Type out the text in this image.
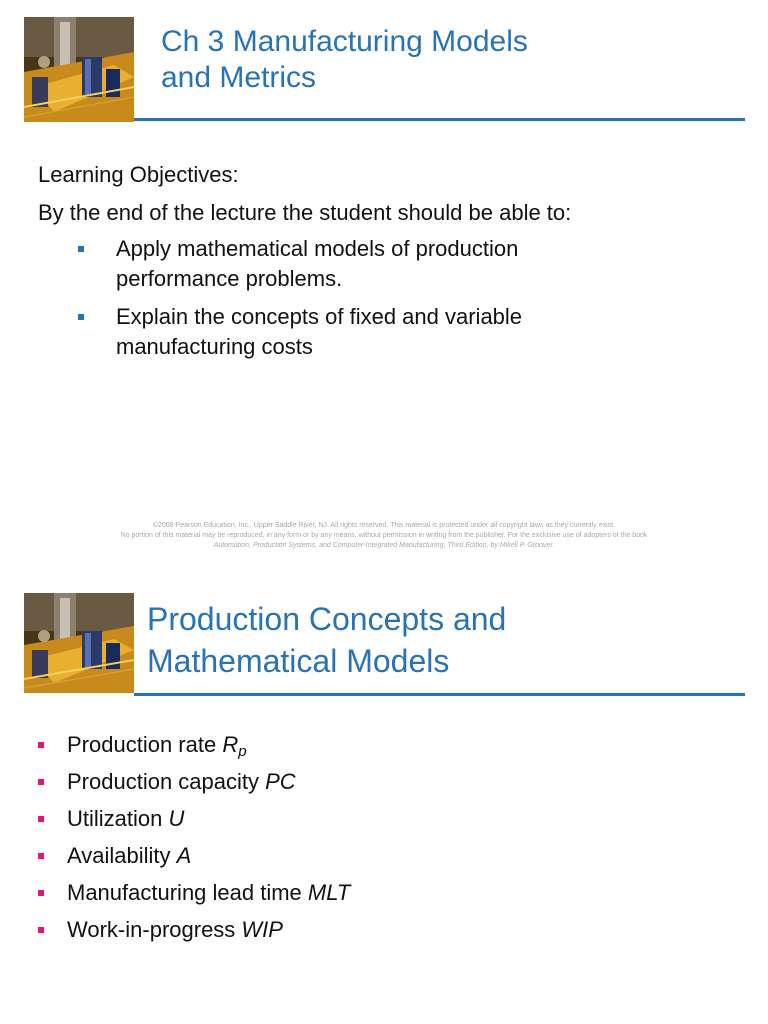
Ch 3 Manufacturing Models
and Metrics
Learning Objectives:
By the end of the lecture the student should be able to:
Apply mathematical models of production
performance problems.
Explain the concepts of fixed and variable
manufacturing costs
©2008 Pearson Education, Inc., Upper Saddle River, NJ. All rights reserved. This material is protected under all copyright laws as they currently exist.
No portion of this material may be reproduced, in any form or by any means, without permission in writing from the publisher. For the exclusive use of adopters of the book
Automation, Production Systems, and Computer-Integrated Manufacturing, Third Edition, by Mikell P. Groover.
Production Concepts and
Mathematical Models
Production rate $R_p$
Production capacity PC
Utilization U
Availability A
Manufacturing lead time MLT
Work-in-progress WIP
